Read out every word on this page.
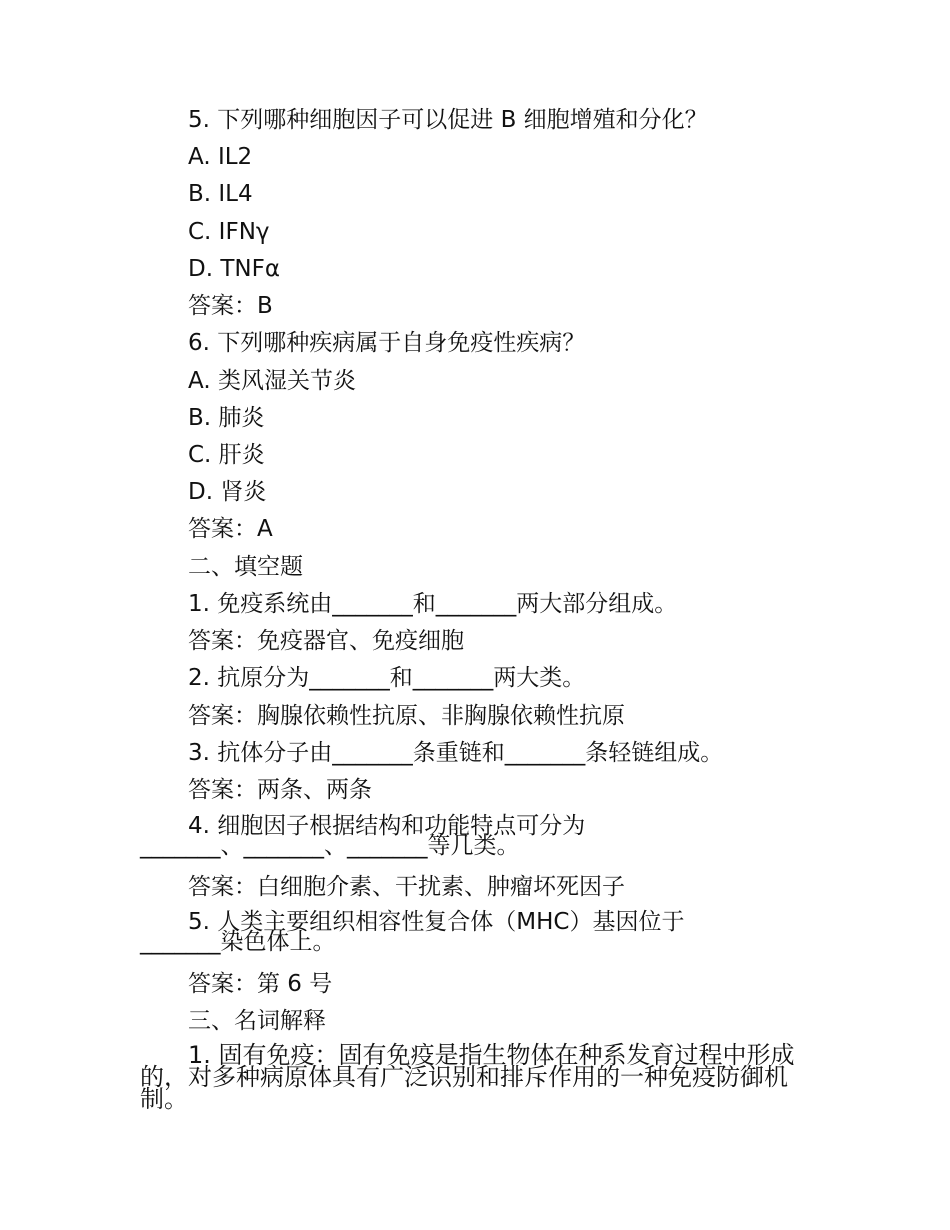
5. 下列哪种细胞因子可以促进 B 细胞增殖和分化？
A. IL2
B. IL4
C. IFNγ
D. TNFα
答案：B
6. 下列哪种疾病属于自身免疫性疾病？
A. 类风湿关节炎
B. 肺炎
C. 肝炎
D. 肾炎
答案：A
二、填空题
1. 免疫系统由_______和_______两大部分组成。
答案：免疫器官、免疫细胞
2. 抗原分为_______和_______两大类。
答案：胸腺依赖性抗原、非胸腺依赖性抗原
3. 抗体分子由_______条重链和_______条轻链组成。
答案：两条、两条
4. 细胞因子根据结构和功能特点可分为
_______、_______、_______等几类。
答案：白细胞介素、干扰素、肿瘤坏死因子
5. 人类主要组织相容性复合体（MHC）基因位于
_______染色体上。
答案：第 6 号
三、名词解释
1. 固有免疫：固有免疫是指生物体在种系发育过程中形成
的，对多种病原体具有广泛识别和排斥作用的一种免疫防御机
制。
